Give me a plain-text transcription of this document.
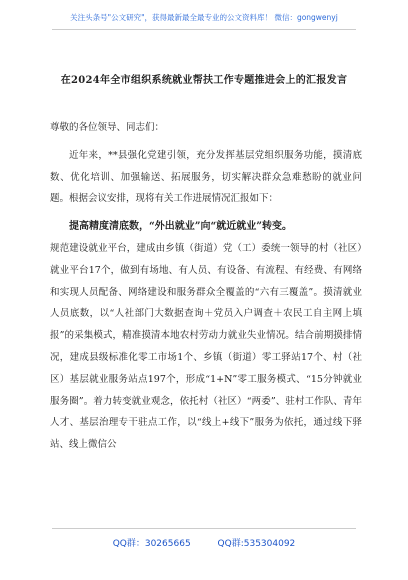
关注头条号"公文研究"，获得最新最全最专业的公文资料库！ 微信：gongwenyj
在2024年全市组织系统就业帮扶工作专题推进会上的汇报发言

尊敬的各位领导、同志们：

近年来，**县强化党建引领，充分发挥基层党组织服务功能，摸清底数、优化培训、加强输送、拓展服务，切实解决群众急难愁盼的就业问题。根据会议安排，现将有关工作进展情况汇报如下：

提高精度清底数，“外出就业”向“就近就业”转变。

规范建设就业平台，建成由乡镇（街道）党（工）委统一领导的村（社区）就业平台17个，做到有场地、有人员、有设备、有流程、有经费、有网络和实现人员配备、网络建设和服务群众全覆盖的“六有三覆盖”。摸清就业人员底数，以“人社部门大数据查询＋党员入户调查＋农民工自主网上填报”的采集模式，精准摸清本地农村劳动力就业失业情况。结合前期摸排情况，建成县级标准化零工市场1个、乡镇（街道）零工驿站17个、村（社区）基层就业服务站点197个，形成“1+N”零工服务模式、“15分钟就业服务圈”。着力转变就业观念，依托村（社区）“两委”、驻村工作队、青年人才、基层治理专干驻点工作，以“线上+线下”服务为依托，通过线下驿站、线上微信公

QQ群：30265665	QQ群:535304092
